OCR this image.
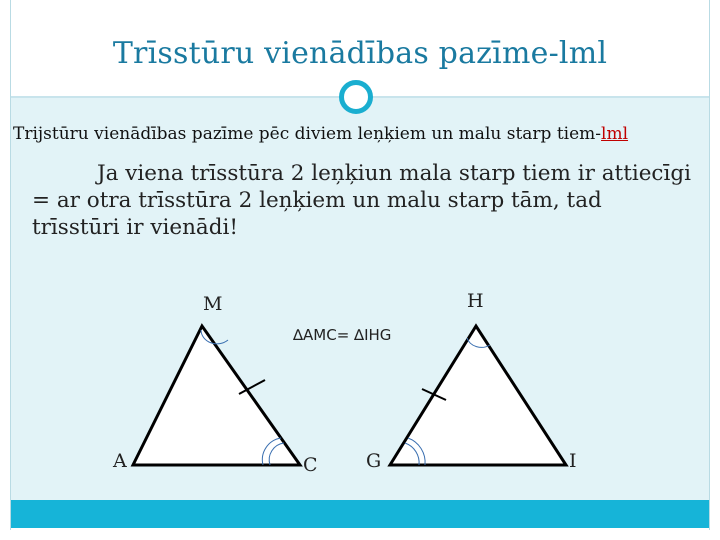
Trīsstūru vienādības pazīme-lml
Trijstūru vienādības pazīme pēc diviem leņķiem un malu starp tiem-lml
Ja viena trīsstūra 2 leņķiun mala starp tiem ir attiecīgi = ar otra trīsstūra 2 leņķiem un malu starp tām, tad trīsstūri ir vienādi!
M
A	C
H
G	I
∆AMC= ∆IHG
